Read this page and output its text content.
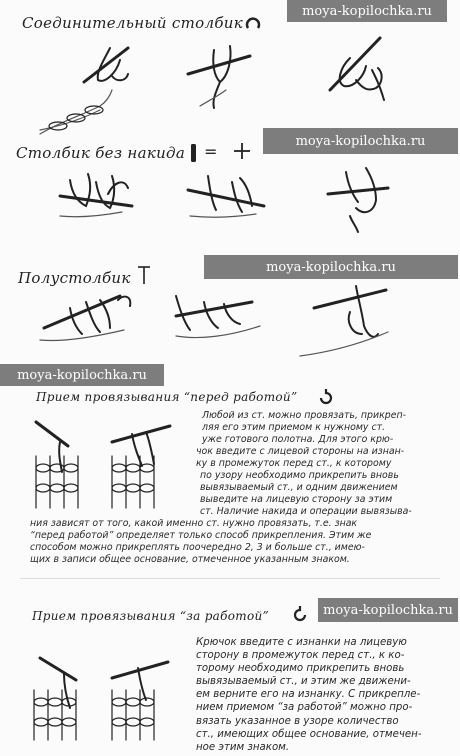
Соединительный столбик
moya-kopilochka.ru
Столбик без накида =
moya-kopilochka.ru
Полустолбик
moya-kopilochka.ru
moya-kopilochka.ru
Прием провязывания “перед работой”
Любой из ст. можно провязать, прикреп-
ляя его этим приемом к нужному ст.
уже готового полотна. Для этого крю-
чок введите с лицевой стороны на изнан-
ку в промежуток перед ст., к которому
по узору необходимо прикрепить вновь
вывязываемый ст., и одним движением
выведите на лицевую сторону за этим
ст. Наличие накида и операции вывязыва-
ния зависят от того, какой именно ст. нужно провязать, т.е. знак
“перед работой” определяет только способ прикрепления. Этим же
способом можно прикреплять поочередно 2, 3 и больше ст., имею-
щих в записи общее основание, отмеченное указанным знаком.
Прием провязывания “за работой”	moya-kopilochka.ru
Крючок введите с изнанки на лицевую
сторону в промежуток перед ст., к ко-
торому необходимо прикрепить вновь
вывязываемый ст., и этим же движени-
ем верните его на изнанку. С прикрепле-
нием приемом “за работой” можно про-
вязать указанное в узоре количество
ст., имеющих общее основание, отмечен-
ное этим знаком.
